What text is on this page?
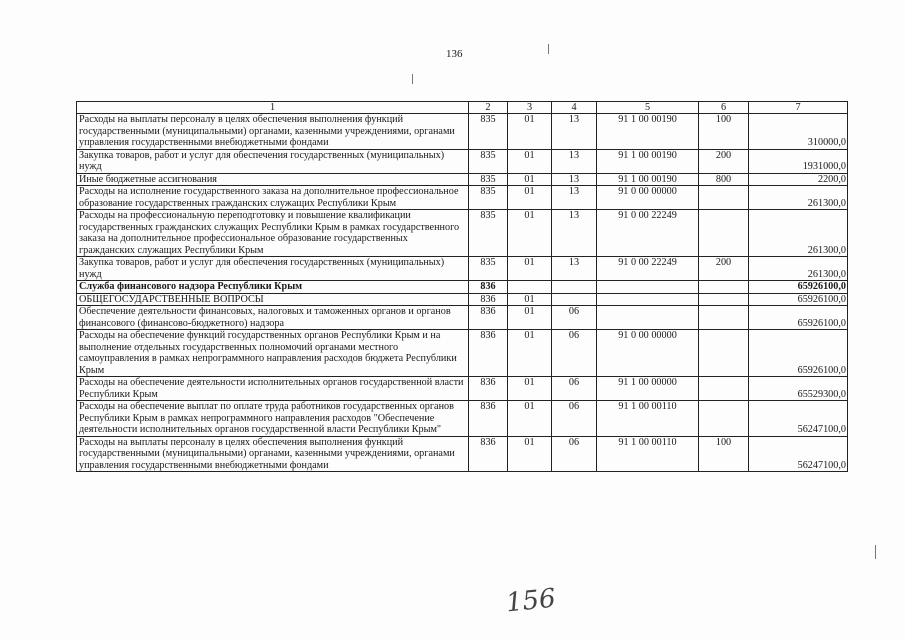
136
1	2	3	4	5	6	7
Расходы на выплаты персоналу в целях обеспечения выполнения функций государственными (муниципальными) органами, казенными учреждениями, органами управления государственными внебюджетными фондами	835	01	13	91 1 00 00190	100	310000,0
Закупка товаров, работ и услуг для обеспечения государственных (муниципальных) нужд	835	01	13	91 1 00 00190	200	1931000,0
Иные бюджетные ассигнования	835	01	13	91 1 00 00190	800	2200,0
Расходы на исполнение государственного заказа на дополнительное профессиональное образование государственных гражданских служащих Республики Крым	835	01	13	91 0 00 00000		261300,0
Расходы на профессиональную переподготовку и повышение квалификации государственных гражданских служащих Республики Крым в рамках государственного заказа на дополнительное профессиональное образование государственных гражданских служащих Республики Крым	835	01	13	91 0 00 22249		261300,0
Закупка товаров, работ и услуг для обеспечения государственных (муниципальных) нужд	835	01	13	91 0 00 22249	200	261300,0
Служба финансового надзора Республики Крым	836					65926100,0
ОБЩЕГОСУДАРСТВЕННЫЕ ВОПРОСЫ	836	01				65926100,0
Обеспечение деятельности финансовых, налоговых и таможенных органов и органов финансового (финансово-бюджетного) надзора	836	01	06			65926100,0
Расходы на обеспечение функций государственных органов Республики Крым и на выполнение отдельных государственных полномочий органами местного самоуправления в рамках непрограммного направления расходов бюджета Республики Крым	836	01	06	91 0 00 00000		65926100,0
Расходы на обеспечение деятельности исполнительных органов государственной власти Республики Крым	836	01	06	91 1 00 00000		65529300,0
Расходы на обеспечение выплат по оплате труда работников государственных органов Республики Крым в рамках непрограммного направления расходов "Обеспечение деятельности исполнительных органов государственной власти Республики Крым"	836	01	06	91 1 00 00110		56247100,0
Расходы на выплаты персоналу в целях обеспечения выполнения функций государственными (муниципальными) органами, казенными учреждениями, органами управления государственными внебюджетными фондами	836	01	06	91 1 00 00110	100	56247100,0
156
